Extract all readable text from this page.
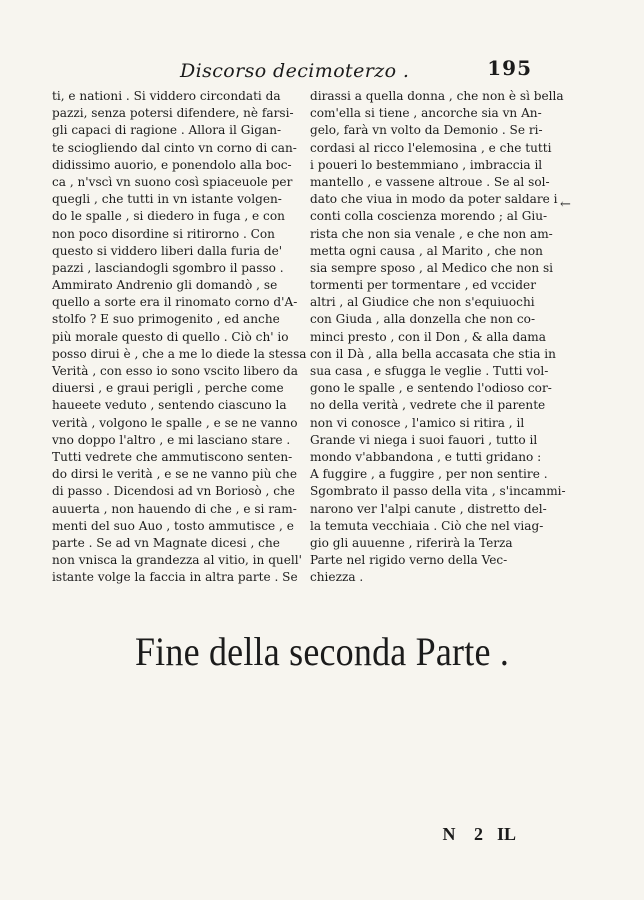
Discorso decimoterzo .	195
←
ti, e nationi . Si viddero circondati da
pazzi, senza potersi difendere, nè farsi-
gli capaci di ragione . Allora il Gigan-
te sciogliendo dal cinto vn corno di can-
didissimo auorio, e ponendolo alla boc-
ca , n'vscì vn suono così spiaceuole per
quegli , che tutti in vn istante volgen-
do le spalle , si diedero in fuga , e con
non poco disordine si ritirorno . Con
questo si viddero liberi dalla furia de'
pazzi , lasciandogli sgombro il passo .
Ammirato Andrenio gli domandò , se
quello a sorte era il rinomato corno d'A-
stolfo ? E suo primogenito , ed anche
più morale questo di quello . Ciò ch' io
posso dirui è , che a me lo diede la stessa
Verità , con esso io sono vscito libero da
diuersi , e graui perigli , perche come
haueete veduto , sentendo ciascuno la
verità , volgono le spalle , e se ne vanno
vno doppo l'altro , e mi lasciano stare .
Tutti vedrete che ammutiscono senten-
do dirsi le verità , e se ne vanno più che
di passo . Dicendosi ad vn Boriosò , che
auuerta , non hauendo di che , e si ram-
menti del suo Auo , tosto ammutisce , e
parte . Se ad vn Magnate dicesi , che
non vnisca la grandezza al vitio, in quell'
istante volge la faccia in altra parte . Se
dirassi a quella donna , che non è sì bella
com'ella si tiene , ancorche sia vn An-
gelo, farà vn volto da Demonio . Se ri-
cordasi al ricco l'elemosina , e che tutti
i poueri lo bestemmiano , imbraccia il
mantello , e vassene altroue . Se al sol-
dato che viua in modo da poter saldare i
conti colla coscienza morendo ; al Giu-
rista che non sia venale , e che non am-
metta ogni causa , al Marito , che non
sia sempre sposo , al Medico che non si
tormenti per tormentare , ed vccider
altri , al Giudice che non s'equiuochi
con Giuda , alla donzella che non co-
minci presto , con il Don , & alla dama
con il Dà , alla bella accasata che stia in
sua casa , e sfugga le veglie . Tutti vol-
gono le spalle , e sentendo l'odioso cor-
no della verità , vedrete che il parente
non vi conosce , l'amico si ritira , il
Grande vi niega i suoi fauori , tutto il
mondo v'abbandona , e tutti gridano :
A fuggire , a fuggire , per non sentire .
Sgombrato il passo della vita , s'incammi-
narono ver l'alpi canute , distretto del-
la temuta vecchiaia . Ciò che nel viag-
gio gli auuenne , riferirà la Terza
Parte nel rigido verno della Vec-
chiezza .
Fine della seconda Parte .
N 2 IL
